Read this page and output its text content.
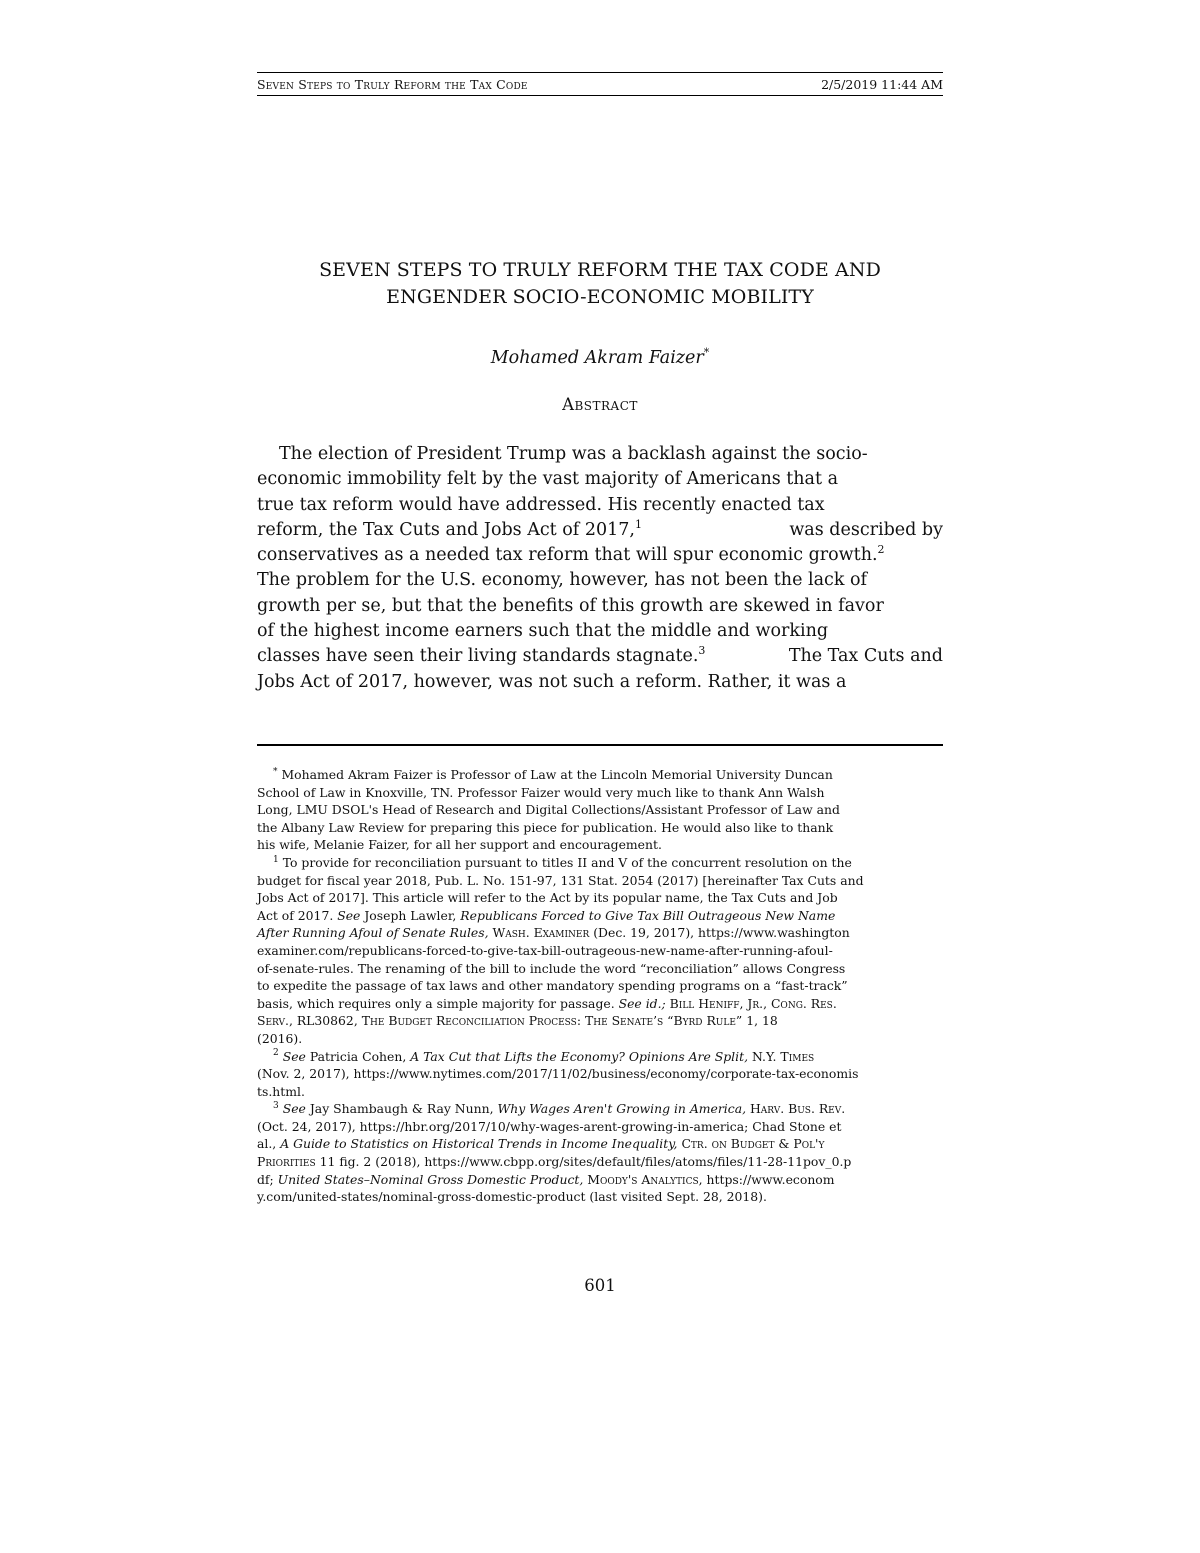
Seven Steps to Truly Reform the Tax Code	2/5/2019 11:44 AM
SEVEN STEPS TO TRULY REFORM THE TAX CODE AND
ENGENDER SOCIO-ECONOMIC MOBILITY
Mohamed Akram Faizer*
Abstract
The election of President Trump was a backlash against the socio-
economic immobility felt by the vast majority of Americans that a
true tax reform would have addressed. His recently enacted tax
reform, the Tax Cuts and Jobs Act of 2017,$^1$	was described by
conservatives as a needed tax reform that will spur economic growth.$^2$
The problem for the U.S. economy, however, has not been the lack of
growth per se, but that the benefits of this growth are skewed in favor
of the highest income earners such that the middle and working
classes have seen their living standards stagnate.$^3$	The Tax Cuts and
Jobs Act of 2017, however, was not such a reform. Rather, it was a
* Mohamed Akram Faizer is Professor of Law at the Lincoln Memorial University Duncan
School of Law in Knoxville, TN. Professor Faizer would very much like to thank Ann Walsh
Long, LMU DSOL's Head of Research and Digital Collections/Assistant Professor of Law and
the Albany Law Review for preparing this piece for publication. He would also like to thank
his wife, Melanie Faizer, for all her support and encouragement.
$^1$ To provide for reconciliation pursuant to titles II and V of the concurrent resolution on the
budget for fiscal year 2018, Pub. L. No. 151-97, 131 Stat. 2054 (2017) [hereinafter Tax Cuts and
Jobs Act of 2017]. This article will refer to the Act by its popular name, the Tax Cuts and Job
Act of 2017. See Joseph Lawler, Republicans Forced to Give Tax Bill Outrageous New Name
After Running Afoul of Senate Rules, Wash. Examiner (Dec. 19, 2017), https://www.washington
examiner.com/republicans-forced-to-give-tax-bill-outrageous-new-name-after-running-afoul-
of-senate-rules. The renaming of the bill to include the word “reconciliation” allows Congress
to expedite the passage of tax laws and other mandatory spending programs on a “fast-track”
basis, which requires only a simple majority for passage. See id.; Bill Heniff, Jr., Cong. Res.
Serv., RL30862, The Budget Reconciliation Process: The Senate’s “Byrd Rule” 1, 18
(2016).
$^2$ See Patricia Cohen, A Tax Cut that Lifts the Economy? Opinions Are Split, N.Y. Times
(Nov. 2, 2017), https://www.nytimes.com/2017/11/02/business/economy/corporate-tax-economis
ts.html.
$^3$ See Jay Shambaugh & Ray Nunn, Why Wages Aren't Growing in America, Harv. Bus. Rev.
(Oct. 24, 2017), https://hbr.org/2017/10/why-wages-arent-growing-in-america; Chad Stone et
al., A Guide to Statistics on Historical Trends in Income Inequality, Ctr. on Budget & Pol'y
Priorities 11 fig. 2 (2018), https://www.cbpp.org/sites/default/files/atoms/files/11-28-11pov_0.p
df; United States–Nominal Gross Domestic Product, Moody's Analytics, https://www.econom
y.com/united-states/nominal-gross-domestic-product (last visited Sept. 28, 2018).
601
